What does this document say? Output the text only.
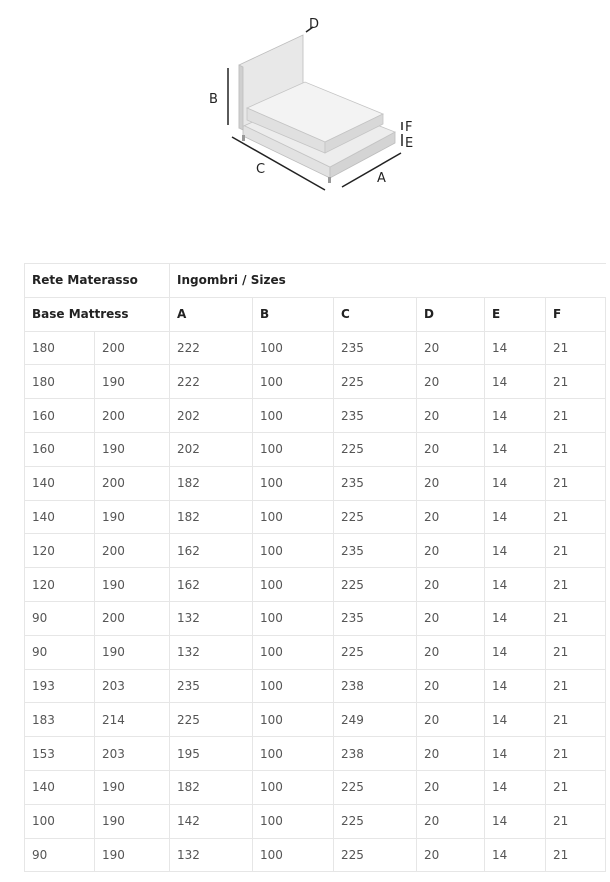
D
B
C
A
F
E
Rete Materasso		Ingombri / Sizes					
Base Mattress		A	B	C	D	E	F
180	200	222	100	235	20	14	21
180	190	222	100	225	20	14	21
160	200	202	100	235	20	14	21
160	190	202	100	225	20	14	21
140	200	182	100	235	20	14	21
140	190	182	100	225	20	14	21
120	200	162	100	235	20	14	21
120	190	162	100	225	20	14	21
90	200	132	100	235	20	14	21
90	190	132	100	225	20	14	21
193	203	235	100	238	20	14	21
183	214	225	100	249	20	14	21
153	203	195	100	238	20	14	21
140	190	182	100	225	20	14	21
100	190	142	100	225	20	14	21
90	190	132	100	225	20	14	21
